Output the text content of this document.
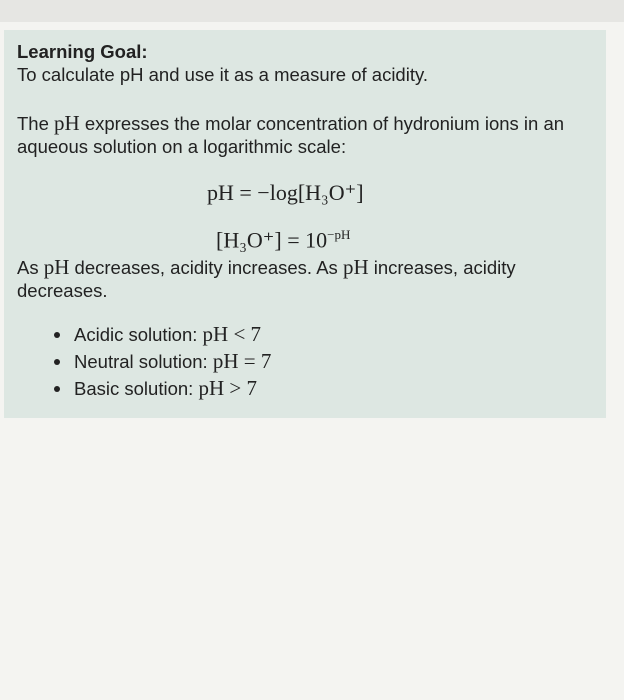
Learning Goal:
To calculate pH and use it as a measure of acidity.
The pH expresses the molar concentration of hydronium ions in an aqueous solution on a logarithmic scale:
pH = −log[H₃O⁺]
$[H_3O^+] = 10^{-pH}$
As pH decreases, acidity increases. As pH increases, acidity decreases.
Acidic solution: pH < 7
Neutral solution: pH = 7
Basic solution: pH > 7
